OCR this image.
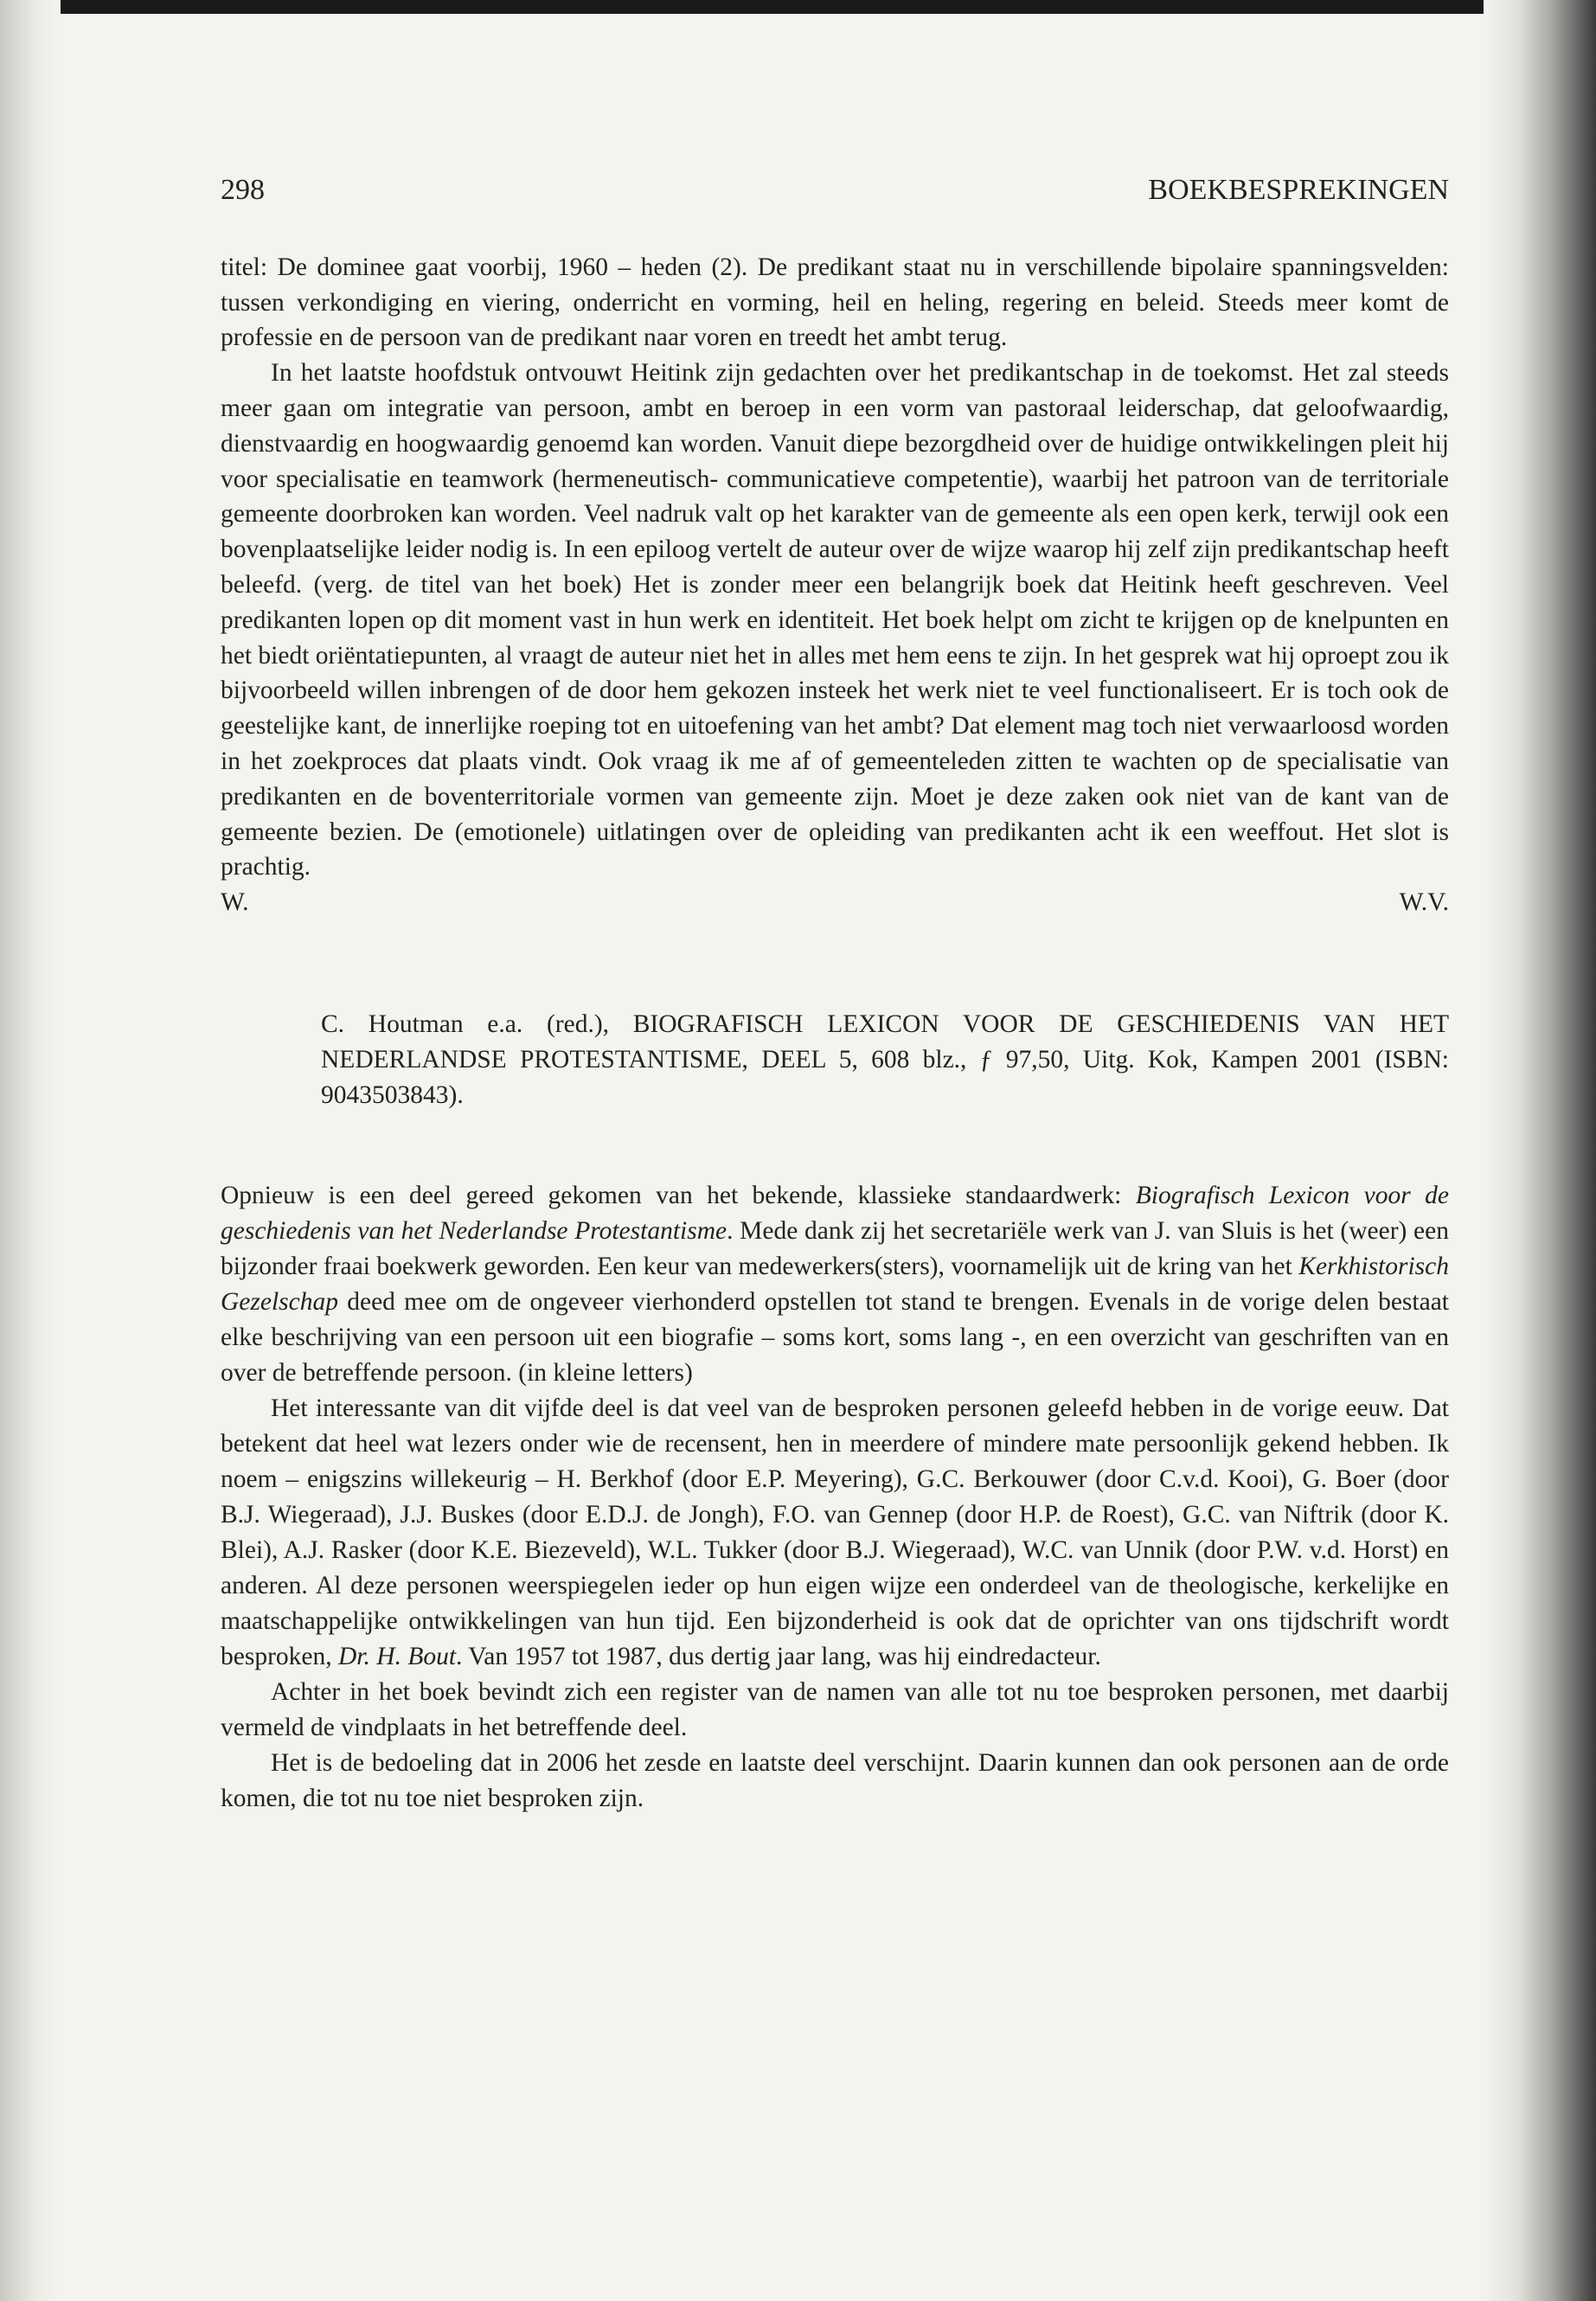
298	BOEKBESPREKINGEN

titel: De dominee gaat voorbij, 1960 – heden (2). De predikant staat nu in verschillende bipolaire spanningsvelden: tussen verkondiging en viering, onderricht en vorming, heil en heling, regering en beleid. Steeds meer komt de professie en de persoon van de predikant naar voren en treedt het ambt terug.

In het laatste hoofdstuk ontvouwt Heitink zijn gedachten over het predikantschap in de toekomst. Het zal steeds meer gaan om integratie van persoon, ambt en beroep in een vorm van pastoraal leiderschap, dat geloofwaardig, dienstvaardig en hoogwaardig genoemd kan worden. Vanuit diepe bezorgdheid over de huidige ontwikkelingen pleit hij voor specialisatie en teamwork (hermeneutisch- communicatieve competentie), waarbij het patroon van de territoriale gemeente doorbroken kan worden. Veel nadruk valt op het karakter van de gemeente als een open kerk, terwijl ook een bovenplaatselijke leider nodig is. In een epiloog vertelt de auteur over de wijze waarop hij zelf zijn predikantschap heeft beleefd. (verg. de titel van het boek) Het is zonder meer een belangrijk boek dat Heitink heeft geschreven. Veel predikanten lopen op dit moment vast in hun werk en identiteit. Het boek helpt om zicht te krijgen op de knelpunten en het biedt oriëntatiepunten, al vraagt de auteur niet het in alles met hem eens te zijn. In het gesprek wat hij oproept zou ik bijvoorbeeld willen inbrengen of de door hem gekozen insteek het werk niet te veel functionaliseert. Er is toch ook de geestelijke kant, de innerlijke roeping tot en uitoefening van het ambt? Dat element mag toch niet verwaarloosd worden in het zoekproces dat plaats vindt. Ook vraag ik me af of gemeenteleden zitten te wachten op de specialisatie van predikanten en de boventerritoriale vormen van gemeente zijn. Moet je deze zaken ook niet van de kant van de gemeente bezien. De (emotionele) uitlatingen over de opleiding van predikanten acht ik een weeffout. Het slot is prachtig.

W.	W.V.

C. Houtman e.a. (red.), BIOGRAFISCH LEXICON VOOR DE GESCHIEDENIS VAN HET NEDERLANDSE PROTESTANTISME, DEEL 5, 608 blz., ƒ 97,50, Uitg. Kok, Kampen 2001 (ISBN: 9043503843).

Opnieuw is een deel gereed gekomen van het bekende, klassieke standaardwerk: Biografisch Lexicon voor de geschiedenis van het Nederlandse Protestantisme. Mede dank zij het secretariële werk van J. van Sluis is het (weer) een bijzonder fraai boekwerk geworden. Een keur van medewerkers(sters), voornamelijk uit de kring van het Kerkhistorisch Gezelschap deed mee om de ongeveer vierhonderd opstellen tot stand te brengen. Evenals in de vorige delen bestaat elke beschrijving van een persoon uit een biografie – soms kort, soms lang -, en een overzicht van geschriften van en over de betreffende persoon. (in kleine letters)

Het interessante van dit vijfde deel is dat veel van de besproken personen geleefd hebben in de vorige eeuw. Dat betekent dat heel wat lezers onder wie de recensent, hen in meerdere of mindere mate persoonlijk gekend hebben. Ik noem – enigszins willekeurig – H. Berkhof (door E.P. Meyering), G.C. Berkouwer (door C.v.d. Kooi), G. Boer (door B.J. Wiegeraad), J.J. Buskes (door E.D.J. de Jongh), F.O. van Gennep (door H.P. de Roest), G.C. van Niftrik (door K. Blei), A.J. Rasker (door K.E. Biezeveld), W.L. Tukker (door B.J. Wiegeraad), W.C. van Unnik (door P.W. v.d. Horst) en anderen. Al deze personen weerspiegelen ieder op hun eigen wijze een onderdeel van de theologische, kerkelijke en maatschappelijke ontwikkelingen van hun tijd. Een bijzonderheid is ook dat de oprichter van ons tijdschrift wordt besproken, Dr. H. Bout. Van 1957 tot 1987, dus dertig jaar lang, was hij eindredacteur.

Achter in het boek bevindt zich een register van de namen van alle tot nu toe besproken personen, met daarbij vermeld de vindplaats in het betreffende deel.

Het is de bedoeling dat in 2006 het zesde en laatste deel verschijnt. Daarin kunnen dan ook personen aan de orde komen, die tot nu toe niet besproken zijn.
